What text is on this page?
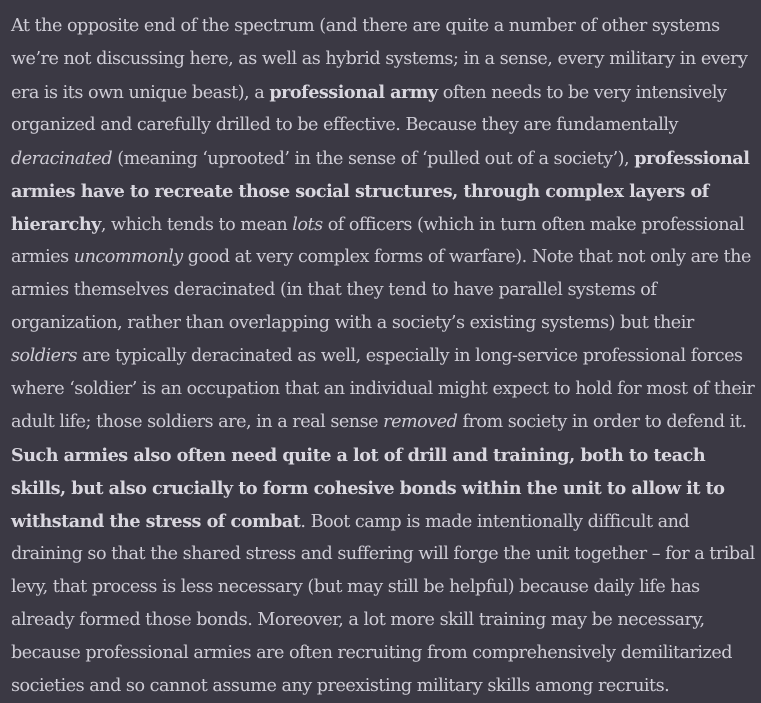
At the opposite end of the spectrum (and there are quite a number of other systems
we’re not discussing here, as well as hybrid systems; in a sense, every military in every
era is its own unique beast), a professional army often needs to be very intensively
organized and carefully drilled to be effective. Because they are fundamentally
deracinated (meaning ‘uprooted’ in the sense of ‘pulled out of a society’), professional
armies have to recreate those social structures, through complex layers of
hierarchy, which tends to mean lots of officers (which in turn often make professional
armies uncommonly good at very complex forms of warfare). Note that not only are the
armies themselves deracinated (in that they tend to have parallel systems of
organization, rather than overlapping with a society’s existing systems) but their
soldiers are typically deracinated as well, especially in long-service professional forces
where ‘soldier’ is an occupation that an individual might expect to hold for most of their
adult life; those soldiers are, in a real sense removed from society in order to defend it.
Such armies also often need quite a lot of drill and training, both to teach
skills, but also crucially to form cohesive bonds within the unit to allow it to
withstand the stress of combat. Boot camp is made intentionally difficult and
draining so that the shared stress and suffering will forge the unit together – for a tribal
levy, that process is less necessary (but may still be helpful) because daily life has
already formed those bonds. Moreover, a lot more skill training may be necessary,
because professional armies are often recruiting from comprehensively demilitarized
societies and so cannot assume any preexisting military skills among recruits.
